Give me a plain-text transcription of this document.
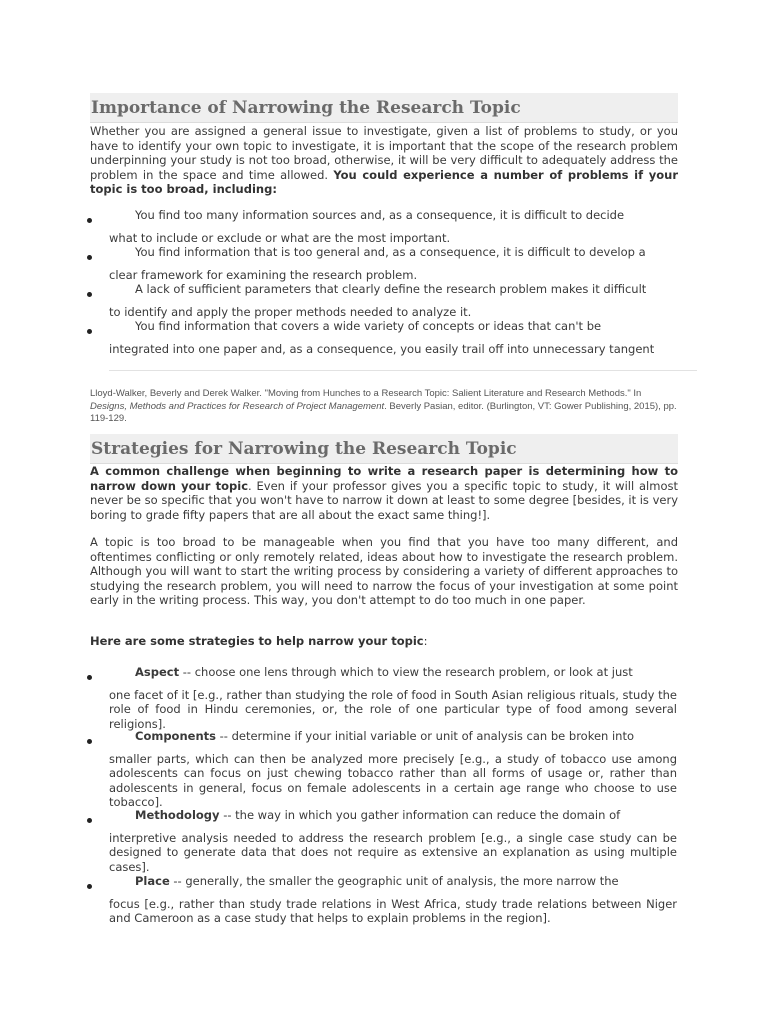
Importance of Narrowing the Research Topic

Whether you are assigned a general issue to investigate, given a list of problems to study, or you have to identify your own topic to investigate, it is important that the scope of the research problem underpinning your study is not too broad, otherwise, it will be very difficult to adequately address the problem in the space and time allowed. You could experience a number of problems if your topic is too broad, including:

You find too many information sources and, as a consequence, it is difficult to decide
what to include or exclude or what are the most important.

You find information that is too general and, as a consequence, it is difficult to develop a
clear framework for examining the research problem.

A lack of sufficient parameters that clearly define the research problem makes it difficult
to identify and apply the proper methods needed to analyze it.

You find information that covers a wide variety of concepts or ideas that can't be
integrated into one paper and, as a consequence, you easily trail off into unnecessary tangent

Lloyd-Walker, Beverly and Derek Walker. "Moving from Hunches to a Research Topic: Salient Literature and Research Methods." In Designs, Methods and Practices for Research of Project Management. Beverly Pasian, editor. (Burlington, VT: Gower Publishing, 2015), pp. 119-129.

Strategies for Narrowing the Research Topic

A common challenge when beginning to write a research paper is determining how to narrow down your topic. Even if your professor gives you a specific topic to study, it will almost never be so specific that you won't have to narrow it down at least to some degree [besides, it is very boring to grade fifty papers that are all about the exact same thing!].

A topic is too broad to be manageable when you find that you have too many different, and oftentimes conflicting or only remotely related, ideas about how to investigate the research problem. Although you will want to start the writing process by considering a variety of different approaches to studying the research problem, you will need to narrow the focus of your investigation at some point early in the writing process. This way, you don't attempt to do too much in one paper.

Here are some strategies to help narrow your topic:

Aspect -- choose one lens through which to view the research problem, or look at just
one facet of it [e.g., rather than studying the role of food in South Asian religious rituals, study the role of food in Hindu ceremonies, or, the role of one particular type of food among several religions].

Components -- determine if your initial variable or unit of analysis can be broken into
smaller parts, which can then be analyzed more precisely [e.g., a study of tobacco use among adolescents can focus on just chewing tobacco rather than all forms of usage or, rather than adolescents in general, focus on female adolescents in a certain age range who choose to use tobacco].

Methodology -- the way in which you gather information can reduce the domain of
interpretive analysis needed to address the research problem [e.g., a single case study can be designed to generate data that does not require as extensive an explanation as using multiple cases].

Place -- generally, the smaller the geographic unit of analysis, the more narrow the
focus [e.g., rather than study trade relations in West Africa, study trade relations between Niger and Cameroon as a case study that helps to explain problems in the region].
